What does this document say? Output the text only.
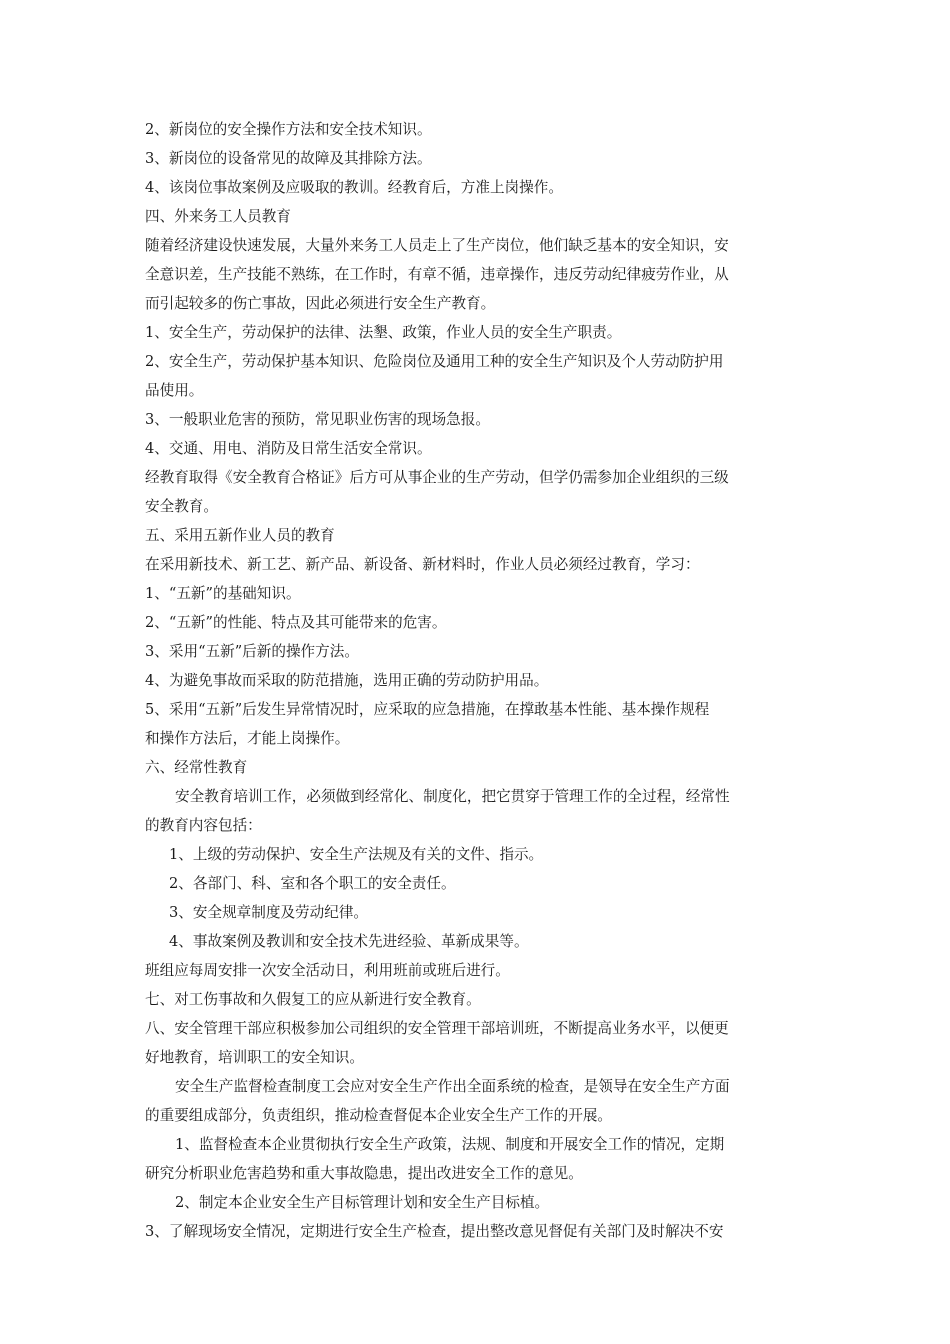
2、新岗位的安全操作方法和安全技术知识。
3、新岗位的设备常见的故障及其排除方法。
4、该岗位事故案例及应吸取的教训。经教育后，方准上岗操作。
四、外来务工人员教育
随着经济建设快速发展，大量外来务工人员走上了生产岗位，他们缺乏基本的安全知识，安
全意识差，生产技能不熟练，在工作时，有章不循，违章操作，违反劳动纪律疲劳作业，从
而引起较多的伤亡事故，因此必须进行安全生产教育。
1、安全生产，劳动保护的法律、法墾、政策，作业人员的安全生产职责。
2、安全生产，劳动保护基本知识、危险岗位及通用工种的安全生产知识及个人劳动防护用
品使用。
3、一般职业危害的预防，常见职业伤害的现场急报。
4、交通、用电、消防及日常生活安全常识。
经教育取得《安全教育合格证》后方可从事企业的生产劳动，但学仍需参加企业组织的三级
安全教育。
五、采用五新作业人员的教育
在采用新技术、新工艺、新产品、新设备、新材料时，作业人员必须经过教育，学习：
1、“五新”的基础知识。
2、“五新”的性能、特点及其可能带来的危害。
3、采用“五新”后新的操作方法。
4、为避免事故而采取的防范措施，选用正确的劳动防护用品。
5、采用“五新”后发生异常情况时，应采取的应急措施，在撑敢基本性能、基本操作规程
和操作方法后，才能上岗操作。
六、经常性教育
安全教育培训工作，必须做到经常化、制度化，把它贯穿于管理工作的全过程，经常性
的教育内容包括：
1、上级的劳动保护、安全生产法规及有关的文件、指示。
2、各部门、科、室和各个职工的安全责任。
3、安全规章制度及劳动纪律。
4、事故案例及教训和安全技术先进经验、革新成果等。
班组应每周安排一次安全活动日，利用班前或班后进行。
七、对工伤事故和久假复工的应从新进行安全教育。
八、安全管理干部应积极参加公司组织的安全管理干部培训班，不断提高业务水平，以便更
好地教育，培训职工的安全知识。
安全生产监督检查制度工会应对安全生产作出全面系统的检查，是领导在安全生产方面
的重要组成部分，负责组织，推动检查督促本企业安全生产工作的开展。
1、监督检查本企业贯彻执行安全生产政策，法规、制度和开展安全工作的情况，定期
研究分析职业危害趋势和重大事故隐患，提出改进安全工作的意见。
2、制定本企业安全生产目标管理计划和安全生产目标植。
3、了解现场安全情况，定期进行安全生产检查，提出整改意见督促有关部门及时解决不安
